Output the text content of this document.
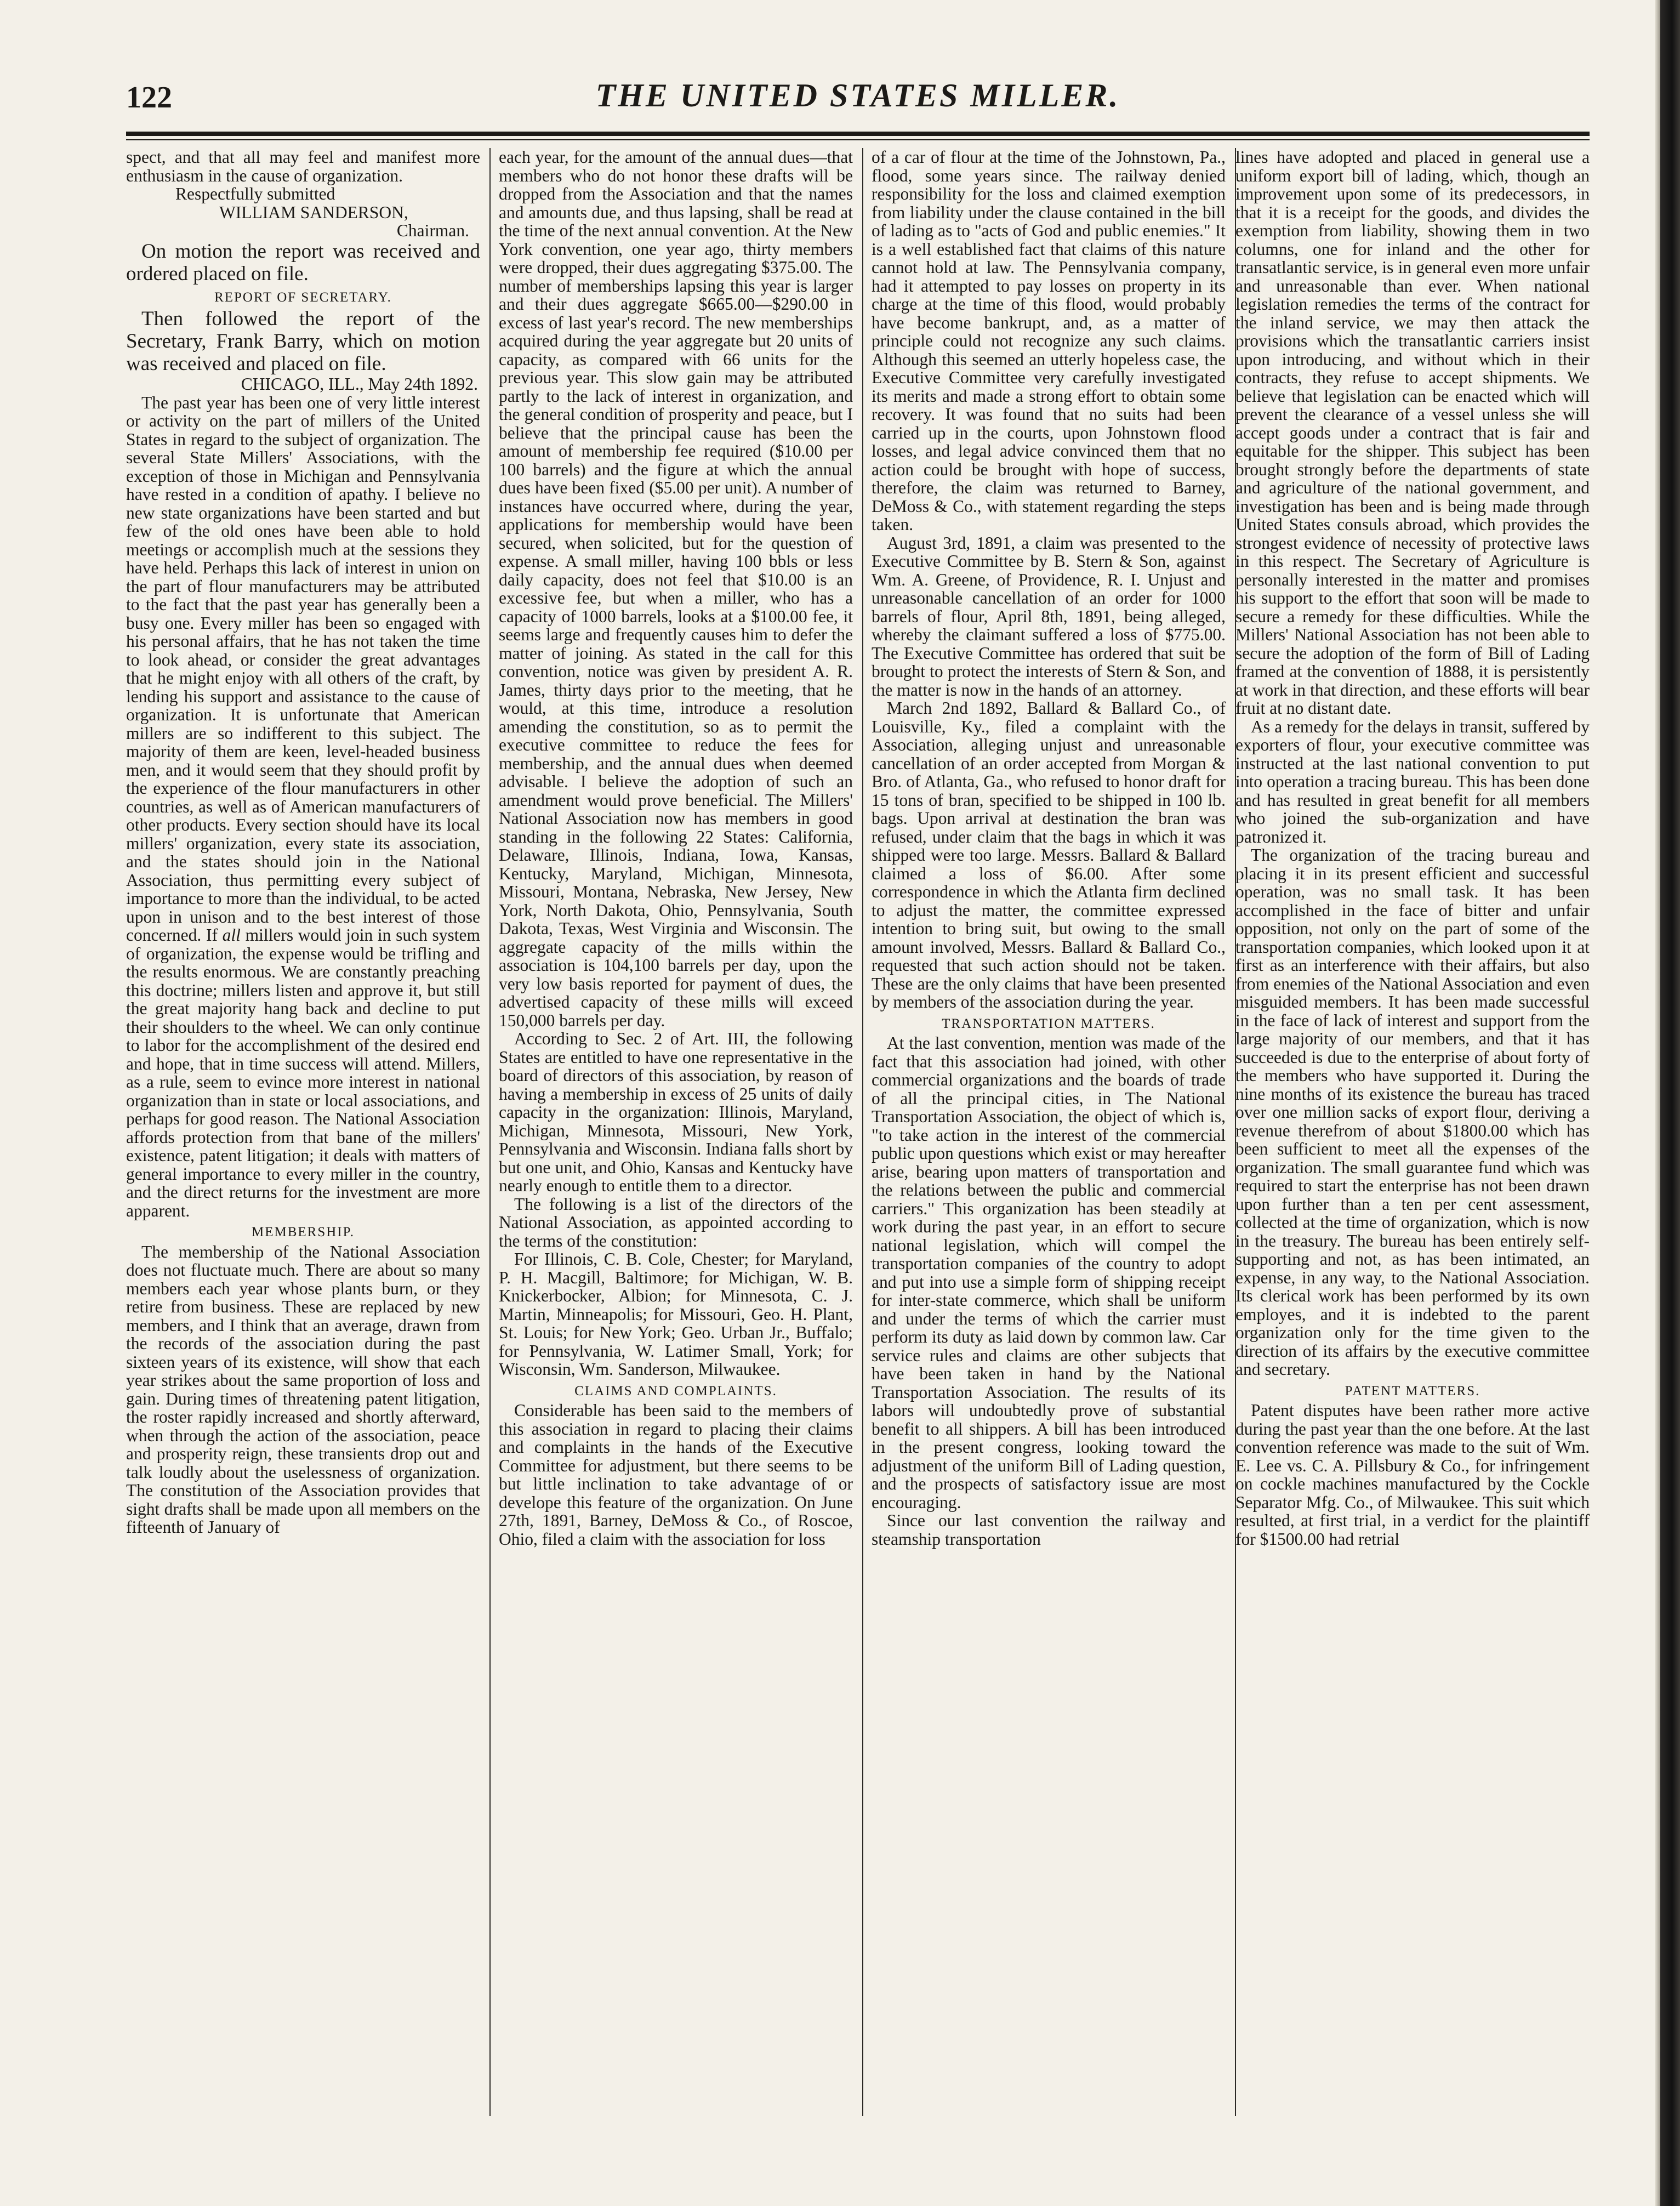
122	THE UNITED STATES MILLER.

spect, and that all may feel and manifest more enthusiasm in the cause of organization.

Respectfully submitted

WILLIAM SANDERSON,

Chairman.

On motion the report was received and ordered placed on file.

REPORT OF SECRETARY.

Then followed the report of the Secretary, Frank Barry, which on motion was received and placed on file.

CHICAGO, ILL., May 24th 1892.

The past year has been one of very little interest or activity on the part of millers of the United States in regard to the subject of organization. The several State Millers' Associations, with the exception of those in Michigan and Pennsylvania have rested in a condition of apathy. I believe no new state organizations have been started and but few of the old ones have been able to hold meetings or accomplish much at the sessions they have held. Perhaps this lack of interest in union on the part of flour manufacturers may be attributed to the fact that the past year has generally been a busy one. Every miller has been so engaged with his personal affairs, that he has not taken the time to look ahead, or consider the great advantages that he might enjoy with all others of the craft, by lending his support and assistance to the cause of organization. It is unfortunate that American millers are so indifferent to this subject. The majority of them are keen, level-headed business men, and it would seem that they should profit by the experience of the flour manufacturers in other countries, as well as of American manufacturers of other products. Every section should have its local millers' organization, every state its association, and the states should join in the National Association, thus permitting every subject of importance to more than the individual, to be acted upon in unison and to the best interest of those concerned. If all millers would join in such system of organization, the expense would be trifling and the results enormous. We are constantly preaching this doctrine; millers listen and approve it, but still the great majority hang back and decline to put their shoulders to the wheel. We can only continue to labor for the accomplishment of the desired end and hope, that in time success will attend. Millers, as a rule, seem to evince more interest in national organization than in state or local associations, and perhaps for good reason. The National Association affords protection from that bane of the millers' existence, patent litigation; it deals with matters of general importance to every miller in the country, and the direct returns for the investment are more apparent.

MEMBERSHIP.

The membership of the National Association does not fluctuate much. There are about so many members each year whose plants burn, or they retire from business. These are replaced by new members, and I think that an average, drawn from the records of the association during the past sixteen years of its existence, will show that each year strikes about the same proportion of loss and gain. During times of threatening patent litigation, the roster rapidly increased and shortly afterward, when through the action of the association, peace and prosperity reign, these transients drop out and talk loudly about the uselessness of organization. The constitution of the Association provides that sight drafts shall be made upon all members on the fifteenth of January of

each year, for the amount of the annual dues—that members who do not honor these drafts will be dropped from the Association and that the names and amounts due, and thus lapsing, shall be read at the time of the next annual convention. At the New York convention, one year ago, thirty members were dropped, their dues aggregating $375.00. The number of memberships lapsing this year is larger and their dues aggregate $665.00—$290.00 in excess of last year's record. The new memberships acquired during the year aggregate but 20 units of capacity, as compared with 66 units for the previous year. This slow gain may be attributed partly to the lack of interest in organization, and the general condition of prosperity and peace, but I believe that the principal cause has been the amount of membership fee required ($10.00 per 100 barrels) and the figure at which the annual dues have been fixed ($5.00 per unit). A number of instances have occurred where, during the year, applications for membership would have been secured, when solicited, but for the question of expense. A small miller, having 100 bbls or less daily capacity, does not feel that $10.00 is an excessive fee, but when a miller, who has a capacity of 1000 barrels, looks at a $100.00 fee, it seems large and frequently causes him to defer the matter of joining. As stated in the call for this convention, notice was given by president A. R. James, thirty days prior to the meeting, that he would, at this time, introduce a resolution amending the constitution, so as to permit the executive committee to reduce the fees for membership, and the annual dues when deemed advisable. I believe the adoption of such an amendment would prove beneficial. The Millers' National Association now has members in good standing in the following 22 States: California, Delaware, Illinois, Indiana, Iowa, Kansas, Kentucky, Maryland, Michigan, Minnesota, Missouri, Montana, Nebraska, New Jersey, New York, North Dakota, Ohio, Pennsylvania, South Dakota, Texas, West Virginia and Wisconsin. The aggregate capacity of the mills within the association is 104,100 barrels per day, upon the very low basis reported for payment of dues, the advertised capacity of these mills will exceed 150,000 barrels per day.

According to Sec. 2 of Art. III, the following States are entitled to have one representative in the board of directors of this association, by reason of having a membership in excess of 25 units of daily capacity in the organization: Illinois, Maryland, Michigan, Minnesota, Missouri, New York, Pennsylvania and Wisconsin. Indiana falls short by but one unit, and Ohio, Kansas and Kentucky have nearly enough to entitle them to a director.

The following is a list of the directors of the National Association, as appointed according to the terms of the constitution:

For Illinois, C. B. Cole, Chester; for Maryland, P. H. Macgill, Baltimore; for Michigan, W. B. Knickerbocker, Albion; for Minnesota, C. J. Martin, Minneapolis; for Missouri, Geo. H. Plant, St. Louis; for New York; Geo. Urban Jr., Buffalo; for Pennsylvania, W. Latimer Small, York; for Wisconsin, Wm. Sanderson, Milwaukee.

CLAIMS AND COMPLAINTS.

Considerable has been said to the members of this association in regard to placing their claims and complaints in the hands of the Executive Committee for adjustment, but there seems to be but little inclination to take advantage of or develope this feature of the organization. On June 27th, 1891, Barney, DeMoss & Co., of Roscoe, Ohio, filed a claim with the association for loss

of a car of flour at the time of the Johnstown, Pa., flood, some years since. The railway denied responsibility for the loss and claimed exemption from liability under the clause contained in the bill of lading as to "acts of God and public enemies." It is a well established fact that claims of this nature cannot hold at law. The Pennsylvania company, had it attempted to pay losses on property in its charge at the time of this flood, would probably have become bankrupt, and, as a matter of principle could not recognize any such claims. Although this seemed an utterly hopeless case, the Executive Committee very carefully investigated its merits and made a strong effort to obtain some recovery. It was found that no suits had been carried up in the courts, upon Johnstown flood losses, and legal advice convinced them that no action could be brought with hope of success, therefore, the claim was returned to Barney, DeMoss & Co., with statement regarding the steps taken.

August 3rd, 1891, a claim was presented to the Executive Committee by B. Stern & Son, against Wm. A. Greene, of Providence, R. I. Unjust and unreasonable cancellation of an order for 1000 barrels of flour, April 8th, 1891, being alleged, whereby the claimant suffered a loss of $775.00. The Executive Committee has ordered that suit be brought to protect the interests of Stern & Son, and the matter is now in the hands of an attorney.

March 2nd 1892, Ballard & Ballard Co., of Louisville, Ky., filed a complaint with the Association, alleging unjust and unreasonable cancellation of an order accepted from Morgan & Bro. of Atlanta, Ga., who refused to honor draft for 15 tons of bran, specified to be shipped in 100 lb. bags. Upon arrival at destination the bran was refused, under claim that the bags in which it was shipped were too large. Messrs. Ballard & Ballard claimed a loss of $6.00. After some correspondence in which the Atlanta firm declined to adjust the matter, the committee expressed intention to bring suit, but owing to the small amount involved, Messrs. Ballard & Ballard Co., requested that such action should not be taken. These are the only claims that have been presented by members of the association during the year.

TRANSPORTATION MATTERS.

At the last convention, mention was made of the fact that this association had joined, with other commercial organizations and the boards of trade of all the principal cities, in The National Transportation Association, the object of which is, "to take action in the interest of the commercial public upon questions which exist or may hereafter arise, bearing upon matters of transportation and the relations between the public and commercial carriers." This organization has been steadily at work during the past year, in an effort to secure national legislation, which will compel the transportation companies of the country to adopt and put into use a simple form of shipping receipt for inter-state commerce, which shall be uniform and under the terms of which the carrier must perform its duty as laid down by common law. Car service rules and claims are other subjects that have been taken in hand by the National Transportation Association. The results of its labors will undoubtedly prove of substantial benefit to all shippers. A bill has been introduced in the present congress, looking toward the adjustment of the uniform Bill of Lading question, and the prospects of satisfactory issue are most encouraging.

Since our last convention the railway and steamship transportation

lines have adopted and placed in general use a uniform export bill of lading, which, though an improvement upon some of its predecessors, in that it is a receipt for the goods, and divides the exemption from liability, showing them in two columns, one for inland and the other for transatlantic service, is in general even more unfair and unreasonable than ever. When national legislation remedies the terms of the contract for the inland service, we may then attack the provisions which the transatlantic carriers insist upon introducing, and without which in their contracts, they refuse to accept shipments. We believe that legislation can be enacted which will prevent the clearance of a vessel unless she will accept goods under a contract that is fair and equitable for the shipper. This subject has been brought strongly before the departments of state and agriculture of the national government, and investigation has been and is being made through United States consuls abroad, which provides the strongest evidence of necessity of protective laws in this respect. The Secretary of Agriculture is personally interested in the matter and promises his support to the effort that soon will be made to secure a remedy for these difficulties. While the Millers' National Association has not been able to secure the adoption of the form of Bill of Lading framed at the convention of 1888, it is persistently at work in that direction, and these efforts will bear fruit at no distant date.

As a remedy for the delays in transit, suffered by exporters of flour, your executive committee was instructed at the last national convention to put into operation a tracing bureau. This has been done and has resulted in great benefit for all members who joined the sub-organization and have patronized it.

The organization of the tracing bureau and placing it in its present efficient and successful operation, was no small task. It has been accomplished in the face of bitter and unfair opposition, not only on the part of some of the transportation companies, which looked upon it at first as an interference with their affairs, but also from enemies of the National Association and even misguided members. It has been made successful in the face of lack of interest and support from the large majority of our members, and that it has succeeded is due to the enterprise of about forty of the members who have supported it. During the nine months of its existence the bureau has traced over one million sacks of export flour, deriving a revenue therefrom of about $1800.00 which has been sufficient to meet all the expenses of the organization. The small guarantee fund which was required to start the enterprise has not been drawn upon further than a ten per cent assessment, collected at the time of organization, which is now in the treasury. The bureau has been entirely self-supporting and not, as has been intimated, an expense, in any way, to the National Association. Its clerical work has been performed by its own employes, and it is indebted to the parent organization only for the time given to the direction of its affairs by the executive committee and secretary.

PATENT MATTERS.

Patent disputes have been rather more active during the past year than the one before. At the last convention reference was made to the suit of Wm. E. Lee vs. C. A. Pillsbury & Co., for infringement on cockle machines manufactured by the Cockle Separator Mfg. Co., of Milwaukee. This suit which resulted, at first trial, in a verdict for the plaintiff for $1500.00 had retrial
